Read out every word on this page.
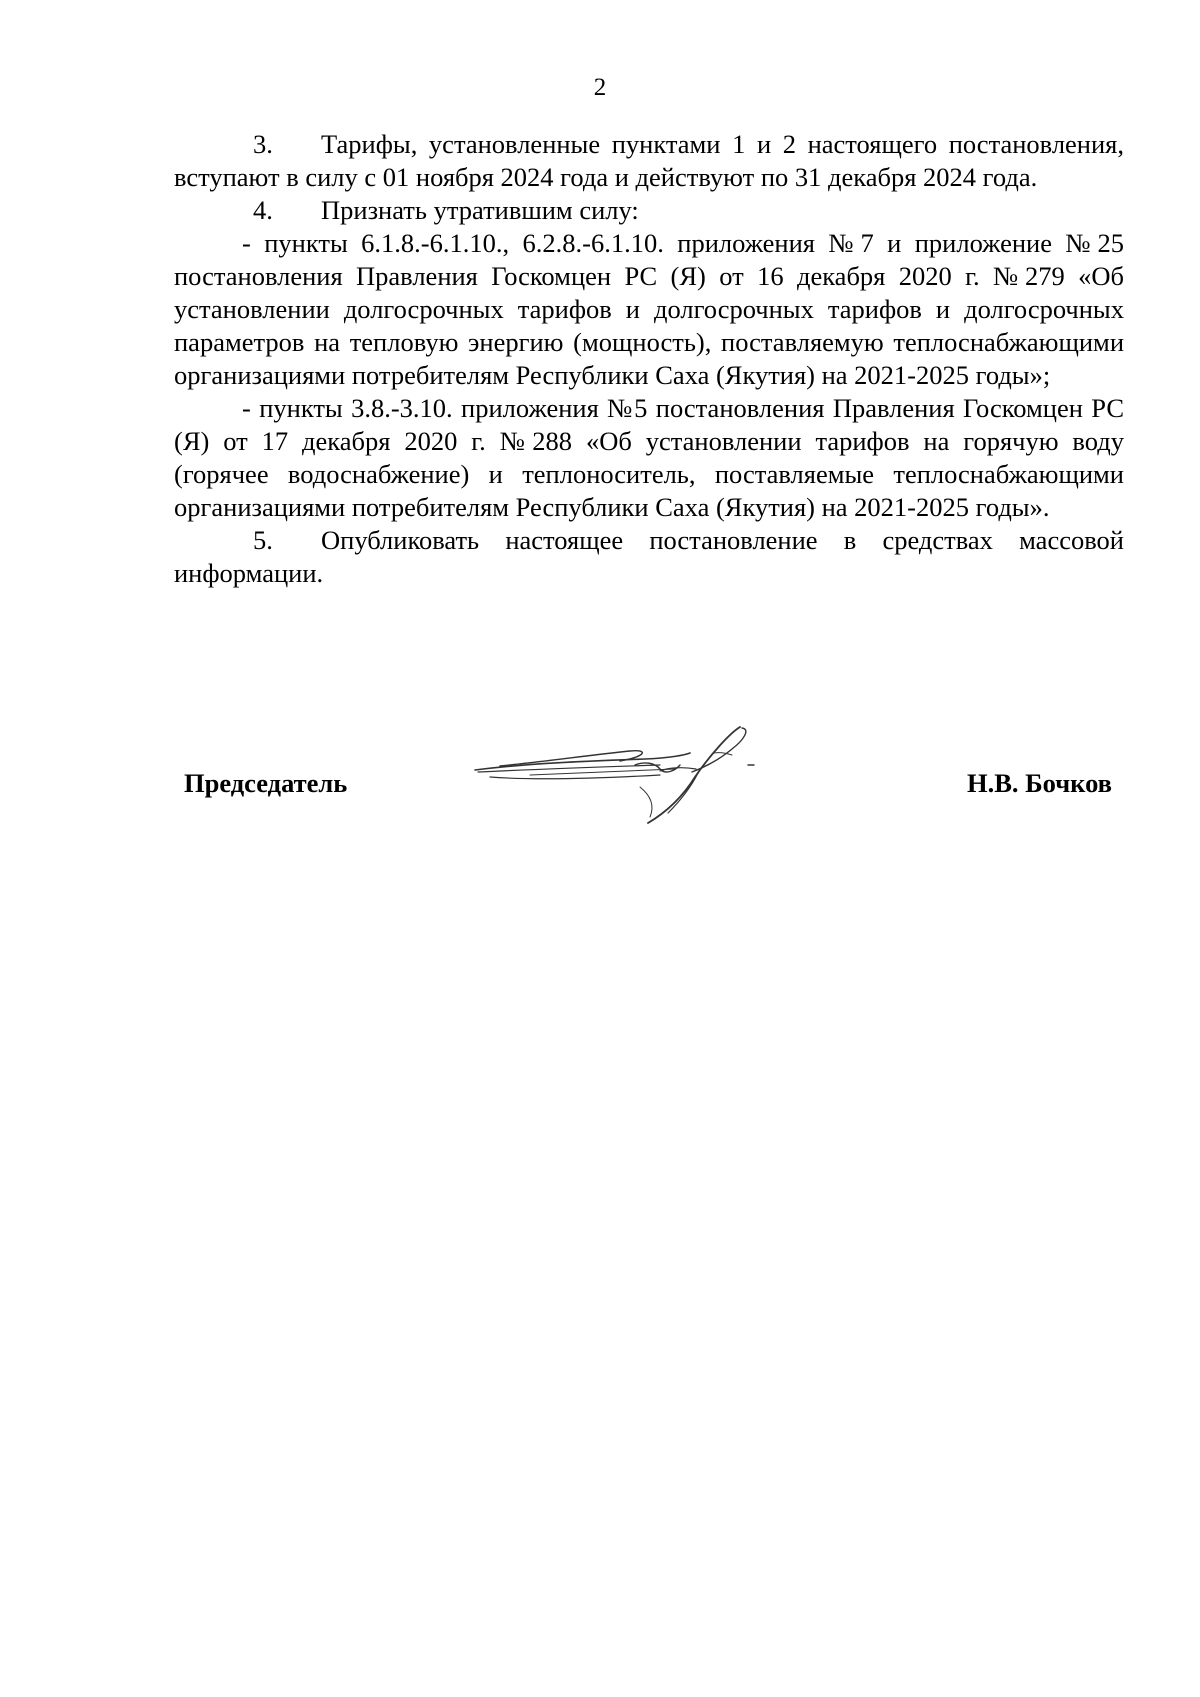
2

3. Тарифы, установленные пунктами 1 и 2 настоящего постановления, вступают в силу с 01 ноября 2024 года и действуют по 31 декабря 2024 года.

4. Признать утратившим силу:

- пункты 6.1.8.-6.1.10., 6.2.8.-6.1.10. приложения №7 и приложение №25 постановления Правления Госкомцен РС (Я) от 16 декабря 2020 г. №279 «Об установлении долгосрочных тарифов и долгосрочных тарифов и долгосрочных параметров на тепловую энергию (мощность), поставляемую теплоснабжающими организациями потребителям Республики Саха (Якутия) на 2021-2025 годы»;

- пункты 3.8.-3.10. приложения №5 постановления Правления Госкомцен РС (Я) от 17 декабря 2020 г. №288 «Об установлении тарифов на горячую воду (горячее водоснабжение) и теплоноситель, поставляемые теплоснабжающими организациями потребителям Республики Саха (Якутия) на 2021-2025 годы».

5. Опубликовать настоящее постановление в средствах массовой информации.

Председатель	Н.В. Бочков
